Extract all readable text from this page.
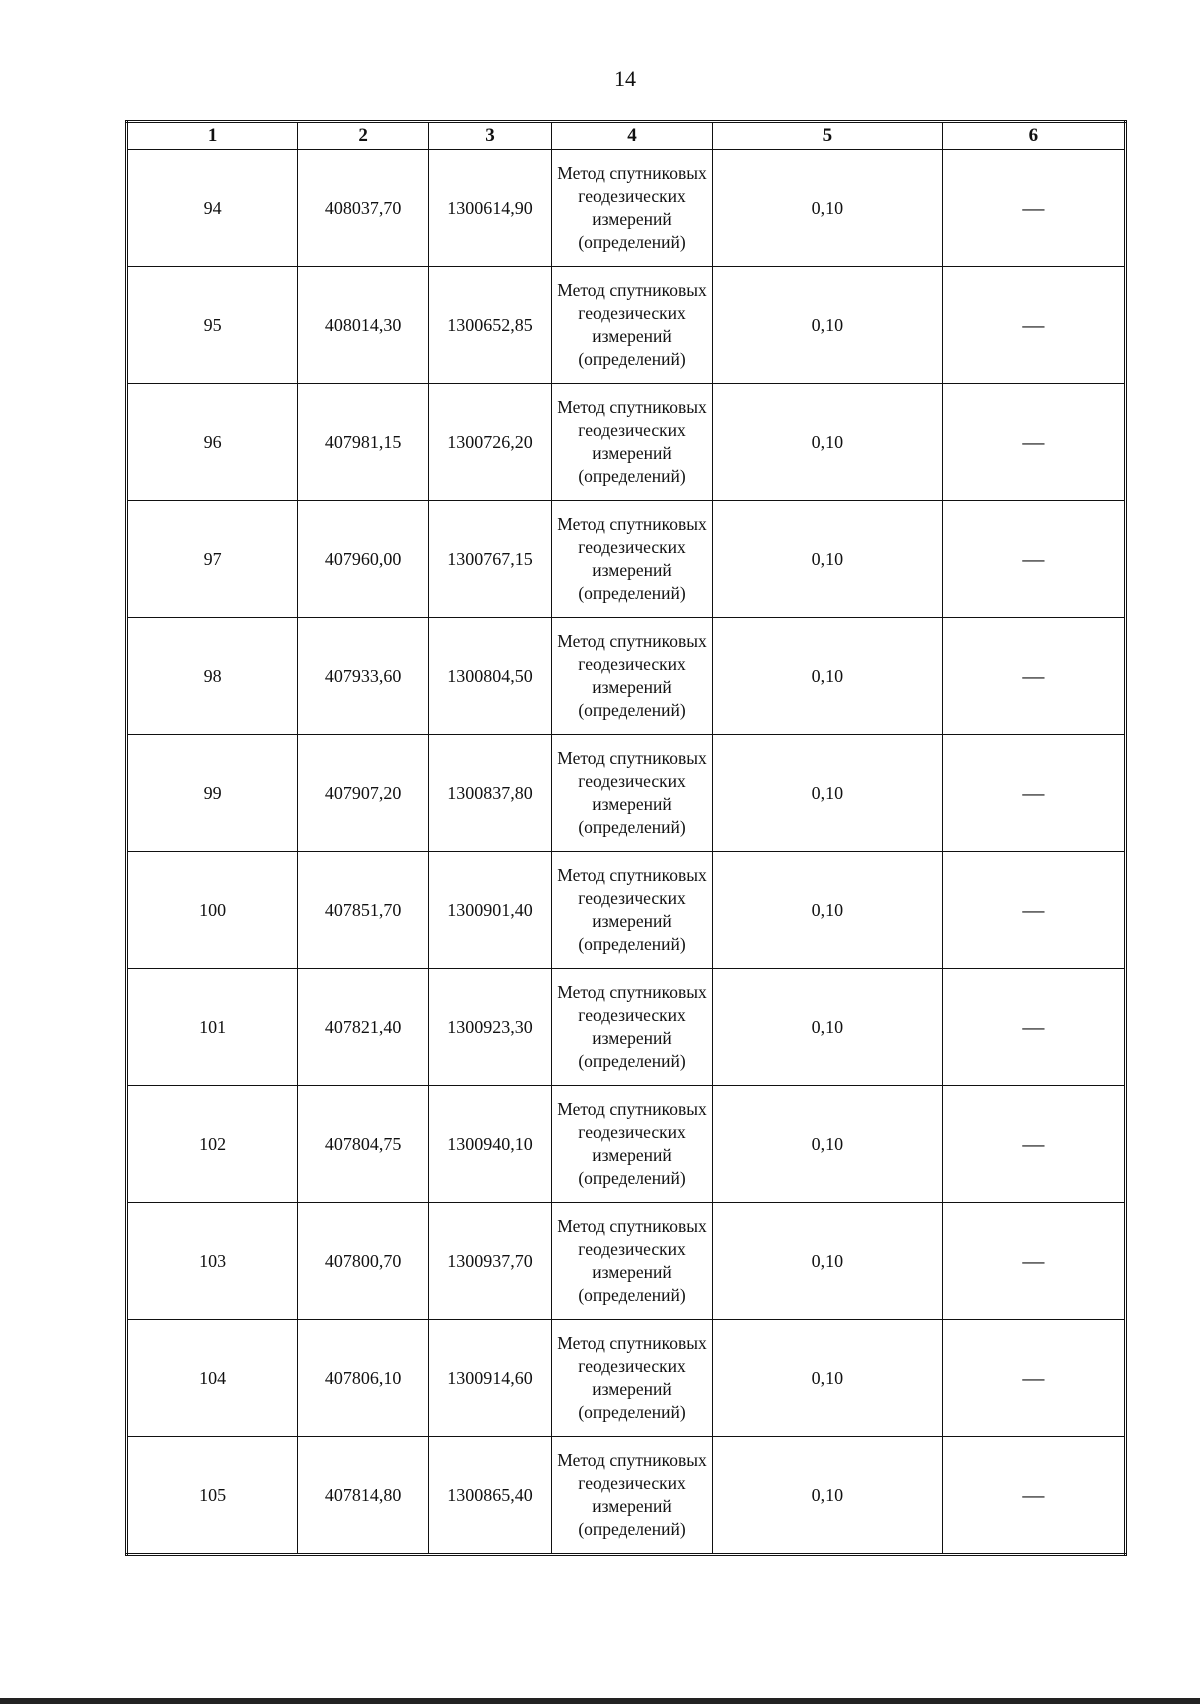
14
1	2	3	4	5	6
94	408037,70	1300614,90	Метод спутниковых геодезических измерений (определений)	0,10	—
95	408014,30	1300652,85	Метод спутниковых геодезических измерений (определений)	0,10	—
96	407981,15	1300726,20	Метод спутниковых геодезических измерений (определений)	0,10	—
97	407960,00	1300767,15	Метод спутниковых геодезических измерений (определений)	0,10	—
98	407933,60	1300804,50	Метод спутниковых геодезических измерений (определений)	0,10	—
99	407907,20	1300837,80	Метод спутниковых геодезических измерений (определений)	0,10	—
100	407851,70	1300901,40	Метод спутниковых геодезических измерений (определений)	0,10	—
101	407821,40	1300923,30	Метод спутниковых геодезических измерений (определений)	0,10	—
102	407804,75	1300940,10	Метод спутниковых геодезических измерений (определений)	0,10	—
103	407800,70	1300937,70	Метод спутниковых геодезических измерений (определений)	0,10	—
104	407806,10	1300914,60	Метод спутниковых геодезических измерений (определений)	0,10	—
105	407814,80	1300865,40	Метод спутниковых геодезических измерений (определений)	0,10	—
